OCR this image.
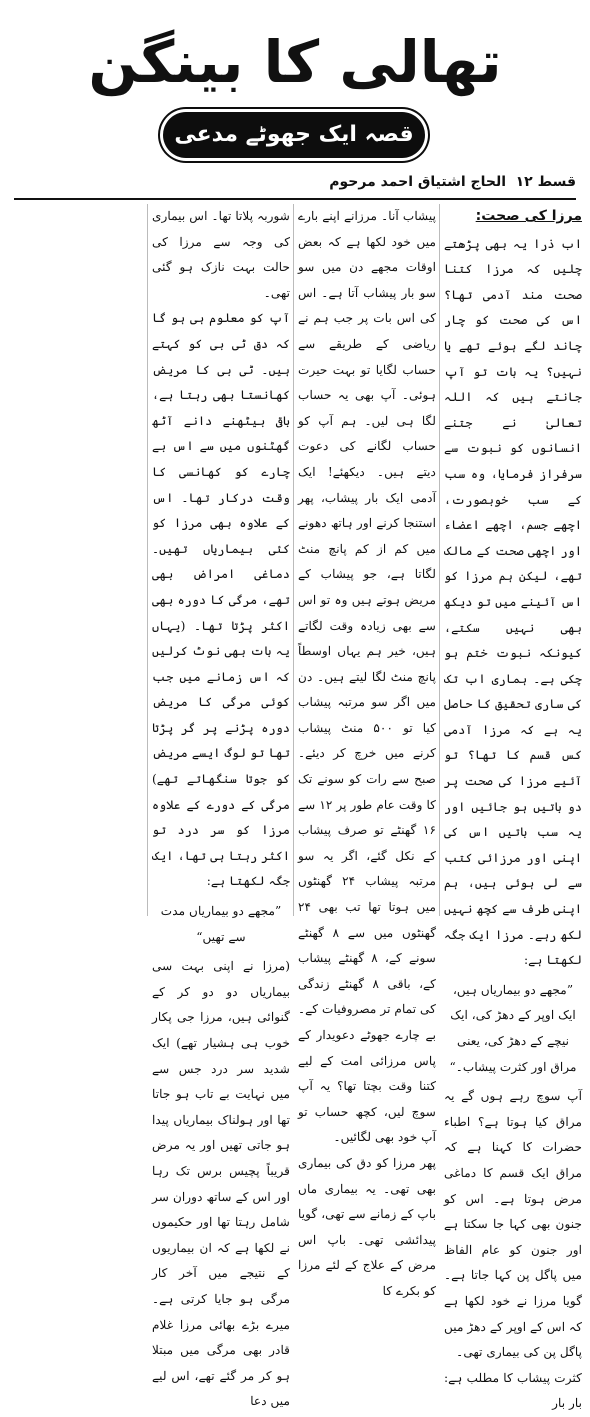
تھالی کا بینگن
قصہ ایک جھوٹے مدعی نبوت کا	قسط ۱۲
الحاج اشتیاق احمد مرحوم
مرزا کی صحت:

اب ذرا یہ بھی پڑھتے چلیں کہ مرزا کتنا صحت مند آدمی تھا؟ اس کی صحت کو چار چاند لگے ہوئے تھے یا نہیں؟ یہ بات تو آپ جانتے ہیں کہ اللہ تعالیٰ نے جتنے انسانوں کو نبوت سے سرفراز فرمایا، وہ سب کے سب خوبصورت، اچھے جسم، اچھے اعضاء اور اچھی صحت کے مالک تھے، لیکن ہم مرزا کو اس آئینے میں تو دیکھ بھی نہیں سکتے، کیونکہ نبوت ختم ہو چکی ہے۔ ہماری اب تک کی ساری تحقیق کا حاصل یہ ہے کہ مرزا آدمی کس قسم کا تھا؟ تو آئیے مرزا کی صحت پر دو باتیں ہو جائیں اور یہ سب باتیں اس کی اپنی اور مرزائی کتب سے لی ہوئی ہیں، ہم اپنی طرف سے کچھ نہیں لکھ رہے۔ مرزا ایک جگہ لکھتا ہے:

”مجھے دو بیماریاں ہیں، ایک اوپر کے دھڑ کی، ایک نیچے کے دھڑ کی، یعنی مراق اور کثرت پیشاب۔“

آپ سوچ رہے ہوں گے یہ مراق کیا ہوتا ہے؟ اطباء حضرات کا کہنا ہے کہ مراق ایک قسم کا دماغی مرض ہوتا ہے۔ اس کو جنون بھی کہا جا سکتا ہے اور جنون کو عام الفاظ میں پاگل پن کہا جاتا ہے۔ گویا مرزا نے خود لکھا ہے کہ اس کے اوپر کے دھڑ میں پاگل پن کی بیماری تھی۔

کثرت پیشاب کا مطلب ہے: بار بار

پیشاب آنا۔ مرزانے اپنے بارے میں خود لکھا ہے کہ بعض اوقات مجھے دن میں سو سو بار پیشاب آتا ہے۔ اس کی اس بات پر جب ہم نے ریاضی کے طریقے سے حساب لگایا تو بہت حیرت ہوئی۔ آپ بھی یہ حساب لگا ہی لیں۔ ہم آپ کو حساب لگانے کی دعوت دیتے ہیں۔ دیکھئے! ایک آدمی ایک بار پیشاب، پھر استنجا کرنے اور ہاتھ دھونے میں کم از کم پانچ منٹ لگاتا ہے، جو پیشاب کے مریض ہوتے ہیں وہ تو اس سے بھی زیادہ وقت لگاتے ہیں، خیر ہم یہاں اوسطاً پانچ منٹ لگا لیتے ہیں۔ دن میں اگر سو مرتبہ پیشاب کیا تو ۵۰۰ منٹ پیشاب کرنے میں خرچ کر دیئے۔ صبح سے رات کو سونے تک کا وقت عام طور پر ۱۲ سے ۱۶ گھنٹے تو صرف پیشاب کے نکل گئے، اگر یہ سو مرتبہ پیشاب ۲۴ گھنٹوں میں ہوتا تھا تب بھی ۲۴ گھنٹوں میں سے ۸ گھنٹے سونے کے، ۸ گھنٹے پیشاب کے، باقی ۸ گھنٹے زندگی کی تمام تر مصروفیات کے۔ بے چارے جھوٹے دعویدار کے پاس مرزائی امت کے لیے کتنا وقت بچتا تھا؟ یہ آپ سوچ لیں، کچھ حساب تو آپ خود بھی لگائیں۔

پھر مرزا کو دق کی بیماری بھی تھی۔ یہ بیماری ماں باپ کے زمانے سے تھی، گویا پیدائشی تھی۔ باپ اس مرض کے علاج کے لئے مرزا کو بکرے کا

شوربہ پلاتا تھا۔ اس بیماری کی وجہ سے مرزا کی حالت بہت نازک ہو گئی تھی۔

آپ کو معلوم ہی ہو گا کہ دق ٹی بی کو کہتے ہیں۔ ٹی بی کا مریض کھانستا بھی رہتا ہے، باقی بیٹھنے دانے آٹھ گھٹنوں میں سے اس بے چارے کو کھانسی کا وقت درکار تھا۔ اس کے علاوہ بھی مرزا کو کئی بیماریاں تھیں۔ دماغی امراض بھی تھے، مرگی کا دورہ بھی اکثر پڑتا تھا۔ (یہاں یہ بات بھی نوٹ کرلیں کہ اس زمانے میں جب کوئی مرگی کا مریض دورہ پڑنے پر گر پڑتا تھا تو لوگ ایسے مریض کو جوتا سنگھاتے تھے) مرگی کے دورے کے علاوہ مرزا کو سر درد تو اکثر رہتا ہی تھا، ایک جگہ لکھتا ہے:

”مجھے دو بیماریاں مدت سے تھیں“

(مرزا نے اپنی بہت سی بیماریاں دو دو کر کے گنوائی ہیں، مرزا جی پکار خوب ہی ہشیار تھے) ایک شدید سر درد جس سے میں نہایت بے تاب ہو جاتا تھا اور ہولناک بیماریاں پیدا ہو جاتی تھیں اور یہ مرض قریباً پچیس برس تک رہا اور اس کے ساتھ دوران سر شامل رہتا تھا اور حکیموں نے لکھا ہے کہ ان بیماریوں کے نتیجے میں آخر کار مرگی ہو جایا کرتی ہے۔ میرے بڑے بھائی مرزا غلام قادر بھی مرگی میں مبتلا ہو کر مر گئے تھے، اس لیے میں دعا
